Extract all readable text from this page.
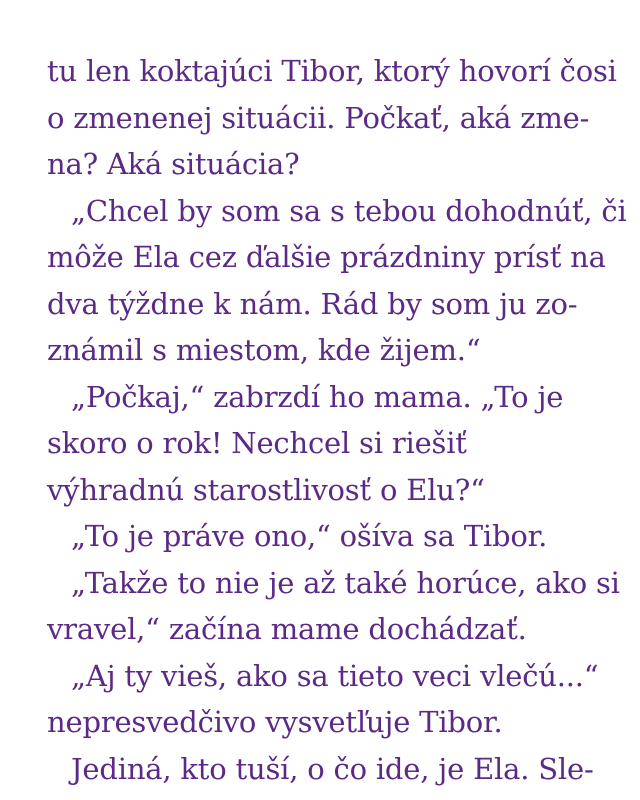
tu len koktajúci Tibor, ktorý hovorí čosi
o zmenenej situácii. Počkať, aká zme-
na? Aká situácia?
„Chcel by som sa s tebou dohodnúť, či
môže Ela cez ďalšie prázdniny prísť na
dva týždne k nám. Rád by som ju zo-
známil s miestom, kde žijem.“
„Počkaj,“ zabrzdí ho mama. „To je
skoro o rok! Nechcel si riešiť
výhradnú starostlivosť o Elu?“
„To je práve ono,“ ošíva sa Tibor.
„Takže to nie je až také horúce, ako si
vravel,“ začína mame dochádzať.
„Aj ty vieš, ako sa tieto veci vlečú...“
nepresvedčivo vysvetľuje Tibor.
Jediná, kto tuší, o čo ide, je Ela. Sle-
